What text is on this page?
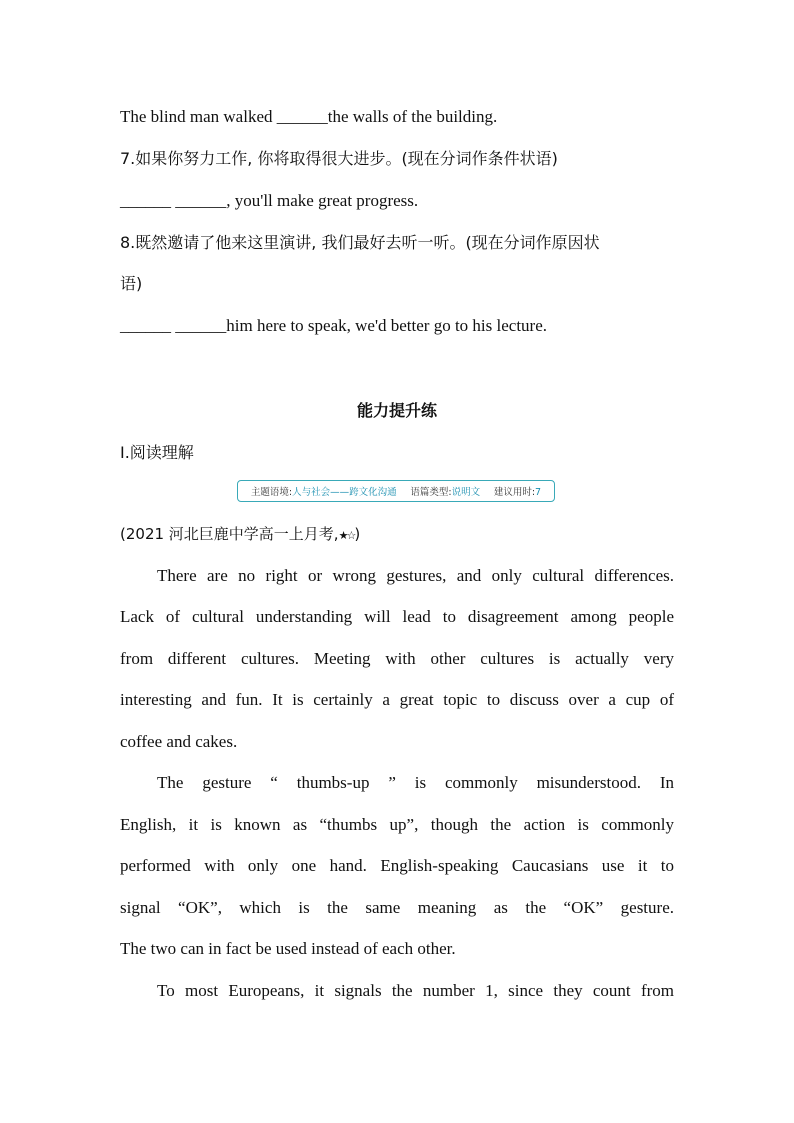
The blind man walked ______the walls of the building.
7.如果你努力工作, 你将取得很大进步。(现在分词作条件状语)
______ ______, you'll make great progress.
8.既然邀请了他来这里演讲, 我们最好去听一听。(现在分词作原因状
语)
______ ______him here to speak, we'd better go to his lecture.
能力提升练
Ⅰ.阅读理解
主题语境:人与社会——跨文化沟通 语篇类型:说明文 建议用时:7
(2021 河北巨鹿中学高一上月考,★☆)
There are no right or wrong gestures, and only cultural differences.
Lack of cultural understanding will lead to disagreement among people
from different cultures. Meeting with other cultures is actually very
interesting and fun. It is certainly a great topic to discuss over a cup of
coffee and cakes.
The gesture “ thumbs-up ” is commonly misunderstood. In
English, it is known as “thumbs up”, though the action is commonly
performed with only one hand. English-speaking Caucasians use it to
signal “OK”, which is the same meaning as the “OK” gesture.
The two can in fact be used instead of each other.
To most Europeans, it signals the number 1, since they count from
